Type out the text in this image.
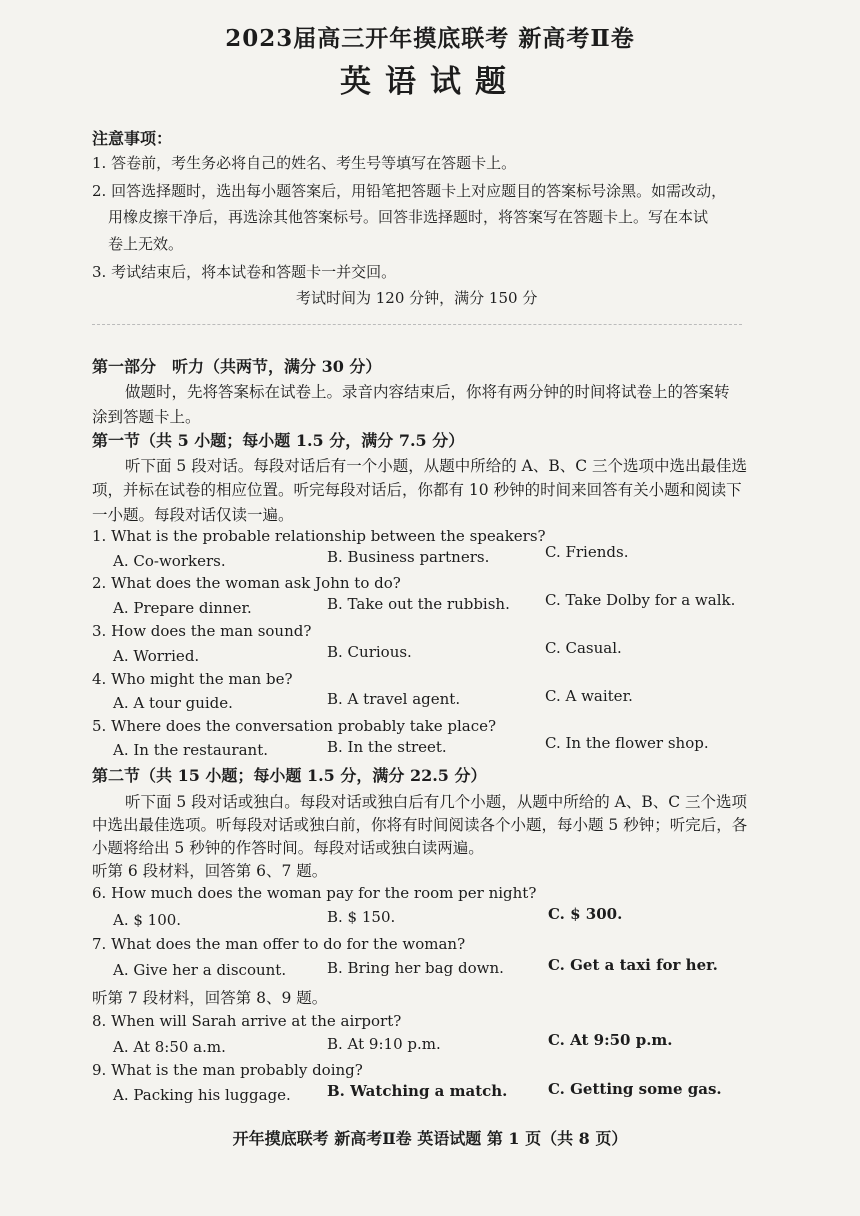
2023届高三开年摸底联考 新高考Ⅱ卷
英语试题
注意事项：
1. 答卷前，考生务必将自己的姓名、考生号等填写在答题卡上。
2. 回答选择题时，选出每小题答案后，用铅笔把答题卡上对应题目的答案标号涂黑。如需改动，
用橡皮擦干净后，再选涂其他答案标号。回答非选择题时，将答案写在答题卡上。写在本试
卷上无效。
3. 考试结束后，将本试卷和答题卡一并交回。
考试时间为 120 分钟，满分 150 分
第一部分　听力（共两节，满分 30 分）
做题时，先将答案标在试卷上。录音内容结束后，你将有两分钟的时间将试卷上的答案转
涂到答题卡上。
第一节（共 5 小题；每小题 1.5 分，满分 7.5 分）
听下面 5 段对话。每段对话后有一个小题，从题中所给的 A、B、C 三个选项中选出最佳选
项，并标在试卷的相应位置。听完每段对话后，你都有 10 秒钟的时间来回答有关小题和阅读下
一小题。每段对话仅读一遍。
1. What is the probable relationship between the speakers?
A. Co-workers.	B. Business partners.	C. Friends.
2. What does the woman ask John to do?
A. Prepare dinner.	B. Take out the rubbish. C. Take Dolby for a walk.
3. How does the man sound?
A. Worried.	B. Curious.	C. Casual.
4. Who might the man be?
A. A tour guide.	B. A travel agent.	C. A waiter.
5. Where does the conversation probably take place?
A. In the restaurant.	B. In the street.	C. In the flower shop.
第二节（共 15 小题；每小题 1.5 分，满分 22.5 分）
听下面 5 段对话或独白。每段对话或独白后有几个小题，从题中所给的 A、B、C 三个选项
中选出最佳选项。听每段对话或独白前，你将有时间阅读各个小题，每小题 5 秒钟；听完后，各
小题将给出 5 秒钟的作答时间。每段对话或独白读两遍。
听第 6 段材料，回答第 6、7 题。
6. How much does the woman pay for the room per night?
A. $ 100.	B. $ 150.	C. $ 300.
7. What does the man offer to do for the woman?
A. Give her a discount.	B. Bring her bag down.	C. Get a taxi for her.
听第 7 段材料，回答第 8、9 题。
8. When will Sarah arrive at the airport?
A. At 8:50 a.m.	B. At 9:10 p.m.	C. At 9:50 p.m.
9. What is the man probably doing?
A. Packing his luggage. B. Watching a match.	C. Getting some gas.
开年摸底联考 新高考Ⅱ卷 英语试题 第 1 页（共 8 页）
